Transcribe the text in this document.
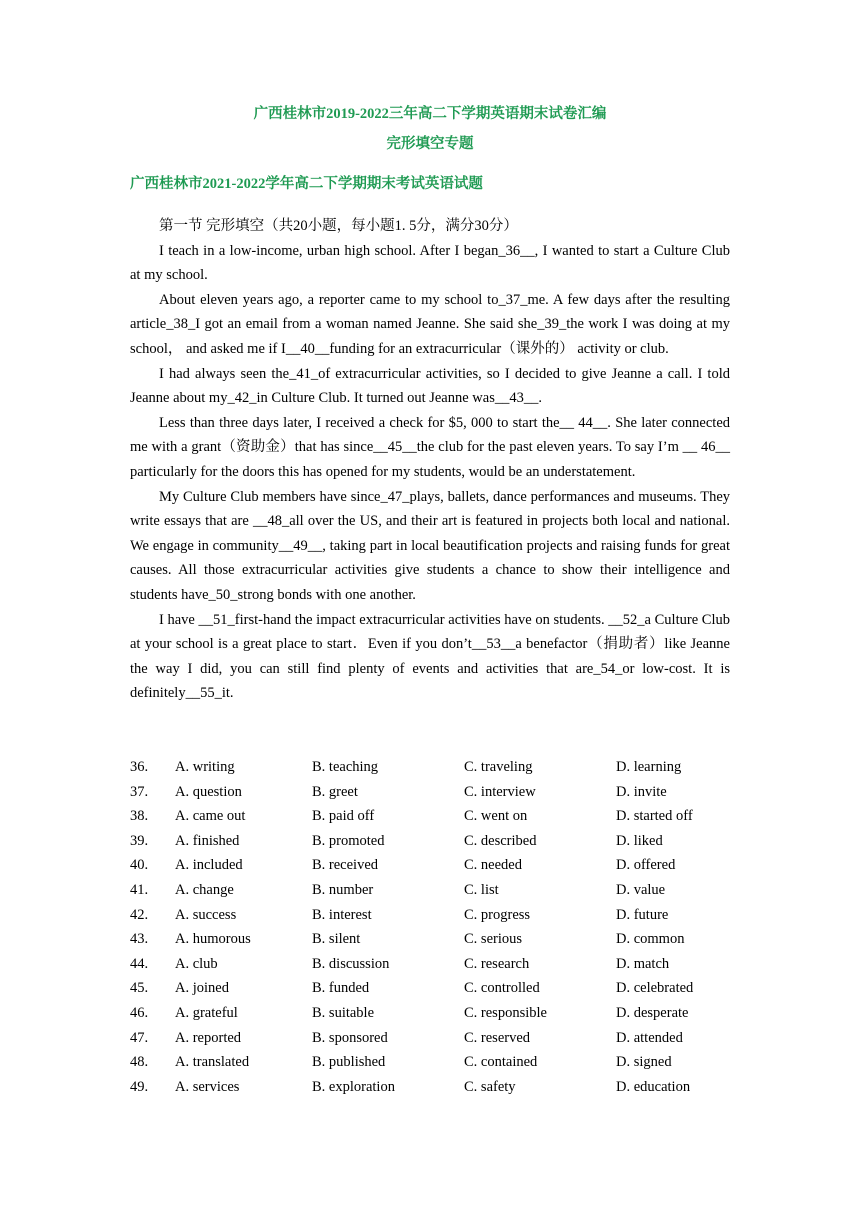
广西桂林市2019-2022三年高二下学期英语期末试卷汇编
完形填空专题
广西桂林市2021-2022学年高二下学期期末考试英语试题

第一节 完形填空（共20小题，每小题1. 5分，满分30分）

I teach in a low-income, urban high school. After I began_36__, I wanted to start a Culture Club at my school.

About eleven years ago, a reporter came to my school to_37_me. A few days after the resulting article_38_I got an email from a woman named Jeanne. She said she_39_the work I was doing at my school， and asked me if I__40__funding for an extracurricular（课外的） activity or club.

I had always seen the_41_of extracurricular activities, so I decided to give Jeanne a call. I told Jeanne about my_42_in Culture Club. It turned out Jeanne was__43__.

Less than three days later, I received a check for $5, 000 to start the__ 44__. She later connected me with a grant（资助金）that has since__45__the club for the past eleven years. To say I’m __ 46__ particularly for the doors this has opened for my students, would be an understatement.

My Culture Club members have since_47_plays, ballets, dance performances and museums. They write essays that are __48_all over the US, and their art is featured in projects both local and national. We engage in community__49__, taking part in local beautification projects and raising funds for great causes. All those extracurricular activities give students a chance to show their intelligence and students have_50_strong bonds with one another.

I have __51_first-hand the impact extracurricular activities have on students. __52_a Culture Club at your school is a great place to start．Even if you don’t__53__a benefactor（捐助者）like Jeanne the way I did, you can still find plenty of events and activities that are_54_or low-cost. It is definitely__55_it.

36.	A. writing	B. teaching	C. traveling	D. learning
37.	A. question	B. greet	C. interview	D. invite
38.	A. came out	B. paid off	C. went on	D. started off
39.	A. finished	B. promoted	C. described	D. liked
40.	A. included	B. received	C. needed	D. offered
41.	A. change	B. number	C. list	D. value
42.	A. success	B. interest	C. progress	D. future
43.	A. humorous	B. silent	C. serious	D. common
44.	A. club	B. discussion	C. research	D. match
45.	A. joined	B. funded	C. controlled	D. celebrated
46.	A. grateful	B. suitable	C. responsible	D. desperate
47.	A. reported	B. sponsored	C. reserved	D. attended
48.	A. translated	B. published	C. contained	D. signed
49.	A. services	B. exploration	C. safety	D. education
